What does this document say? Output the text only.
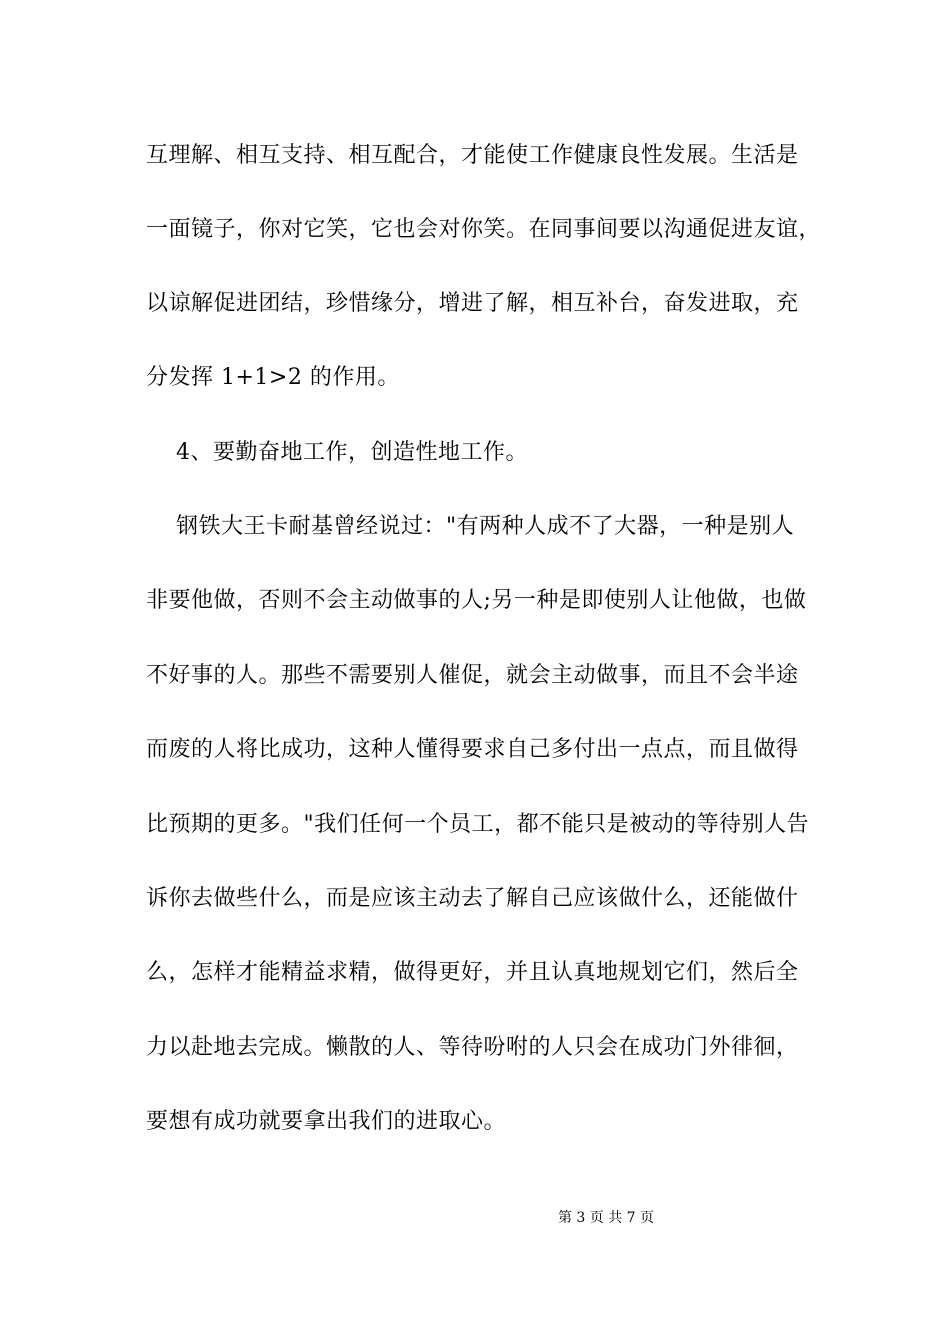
互理解、相互支持、相互配合，才能使工作健康良性发展。生活是
一面镜子，你对它笑，它也会对你笑。在同事间要以沟通促进友谊，
以谅解促进团结，珍惜缘分，增进了解，相互补台，奋发进取，充
分发挥 1+1>2 的作用。
4、要勤奋地工作，创造性地工作。
钢铁大王卡耐基曾经说过："有两种人成不了大器，一种是别人
非要他做，否则不会主动做事的人;另一种是即使别人让他做，也做
不好事的人。那些不需要别人催促，就会主动做事，而且不会半途
而废的人将比成功，这种人懂得要求自己多付出一点点，而且做得
比预期的更多。"我们任何一个员工，都不能只是被动的等待别人告
诉你去做些什么，而是应该主动去了解自己应该做什么，还能做什
么，怎样才能精益求精，做得更好，并且认真地规划它们，然后全
力以赴地去完成。懒散的人、等待吩咐的人只会在成功门外徘徊，
要想有成功就要拿出我们的进取心。
第 3 页 共 7 页
